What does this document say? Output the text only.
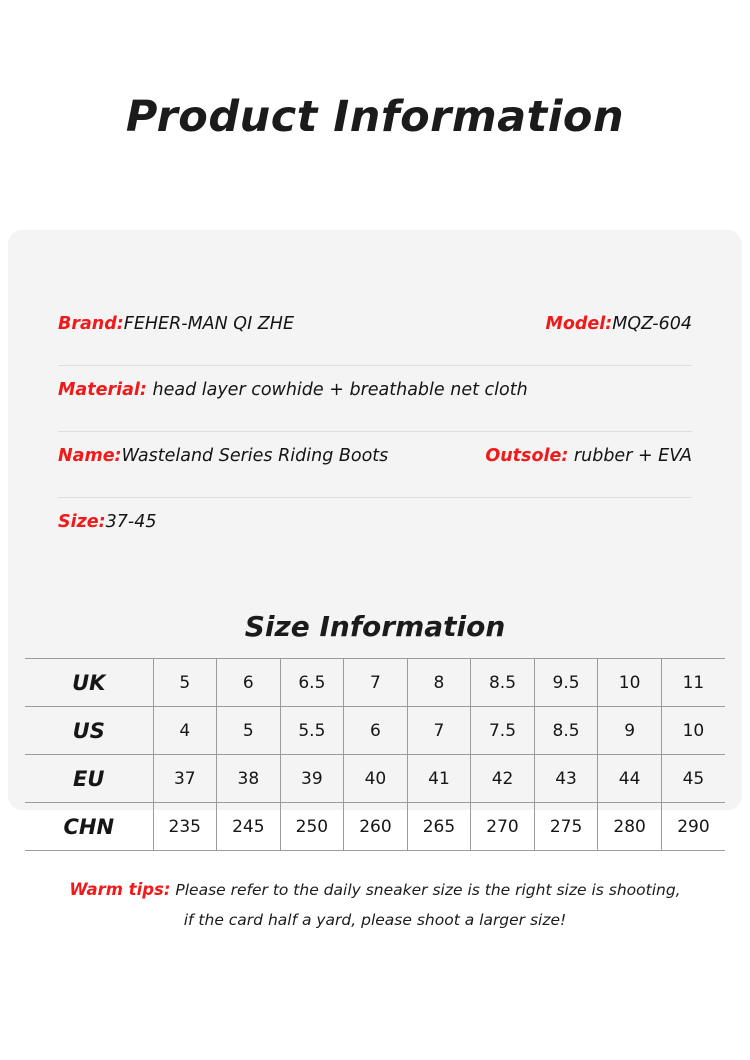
Product Information
Brand:FEHER-MAN QI ZHE	Model:MQZ-604
Material: head layer cowhide + breathable net cloth
Name:Wasteland Series Riding Boots	Outsole: rubber + EVA
Size:37-45
Size Information
UK	5	6	6.5	7	8	8.5	9.5	10	11
US	4	5	5.5	6	7	7.5	8.5	9	10
EU	37	38	39	40	41	42	43	44	45
CHN	235	245	250	260	265	270	275	280	290
Warm tips: Please refer to the daily sneaker size is the right size is shooting,
if the card half a yard, please shoot a larger size!
